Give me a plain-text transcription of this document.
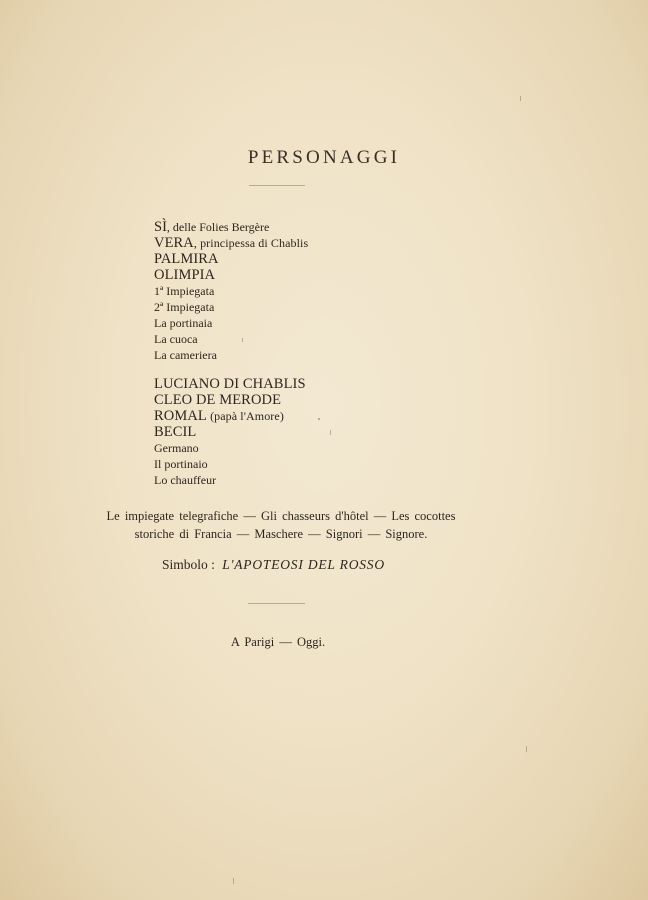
PERSONAGGI
SÌ, delle Folies Bergère
VERA, principessa di Chablis
PALMIRA
OLIMPIA
1ª Impiegata
2ª Impiegata
La portinaia
La cuoca
La cameriera
LUCIANO DI CHABLIS
CLEO DE MERODE
ROMAL (papà l'Amore)
BECIL
Germano
Il portinaio
Lo chauffeur

Le impiegate telegrafiche — Gli chasseurs d'hôtel — Les cocottes

storiche di Francia — Maschere — Signori — Signore.

Simbolo : L'APOTEOSI DEL ROSSO
A Parigi — Oggi.
